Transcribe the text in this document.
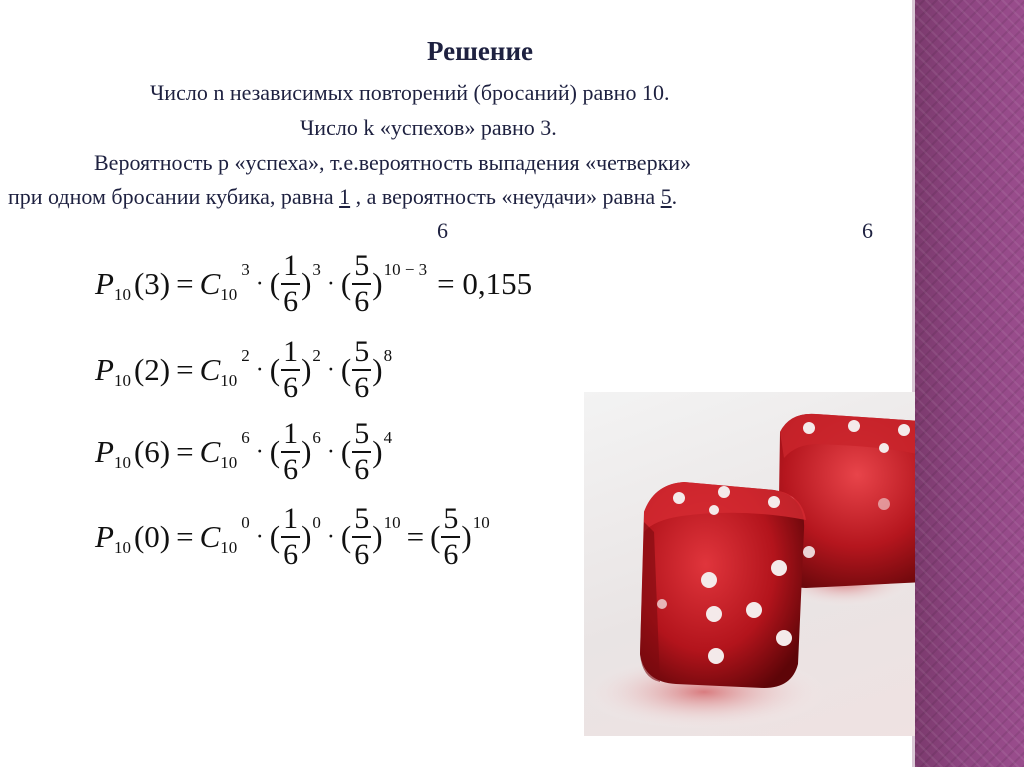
Решение
Число n независимых повторений (бросаний) равно 10.
Число k «успехов» равно 3.
Вероятность p «успеха», т.е.вероятность выпадения «четверки»
при одном бросании кубика, равна 1 , а вероятность «неудачи» равна 5.
6	6
P 10 (3) = C 10
3
· ( $\frac{1}{6}$ ) 3
· ( $\frac{5}{6}$ ) 10 − 3 = 0,155
P 10 (2) = C 10
2
· ( $\frac{1}{6}$ ) 2
· ( $\frac{5}{6}$ ) 8
P 10 (6) = C 10
6
· ( $\frac{1}{6}$ ) 6
· ( $\frac{5}{6}$ ) 4
P 10 (0) = C 10
0
· ( $\frac{1}{6}$ ) 0
· ( $\frac{5}{6}$ ) 10 = ( $\frac{5}{6}$ ) 10
